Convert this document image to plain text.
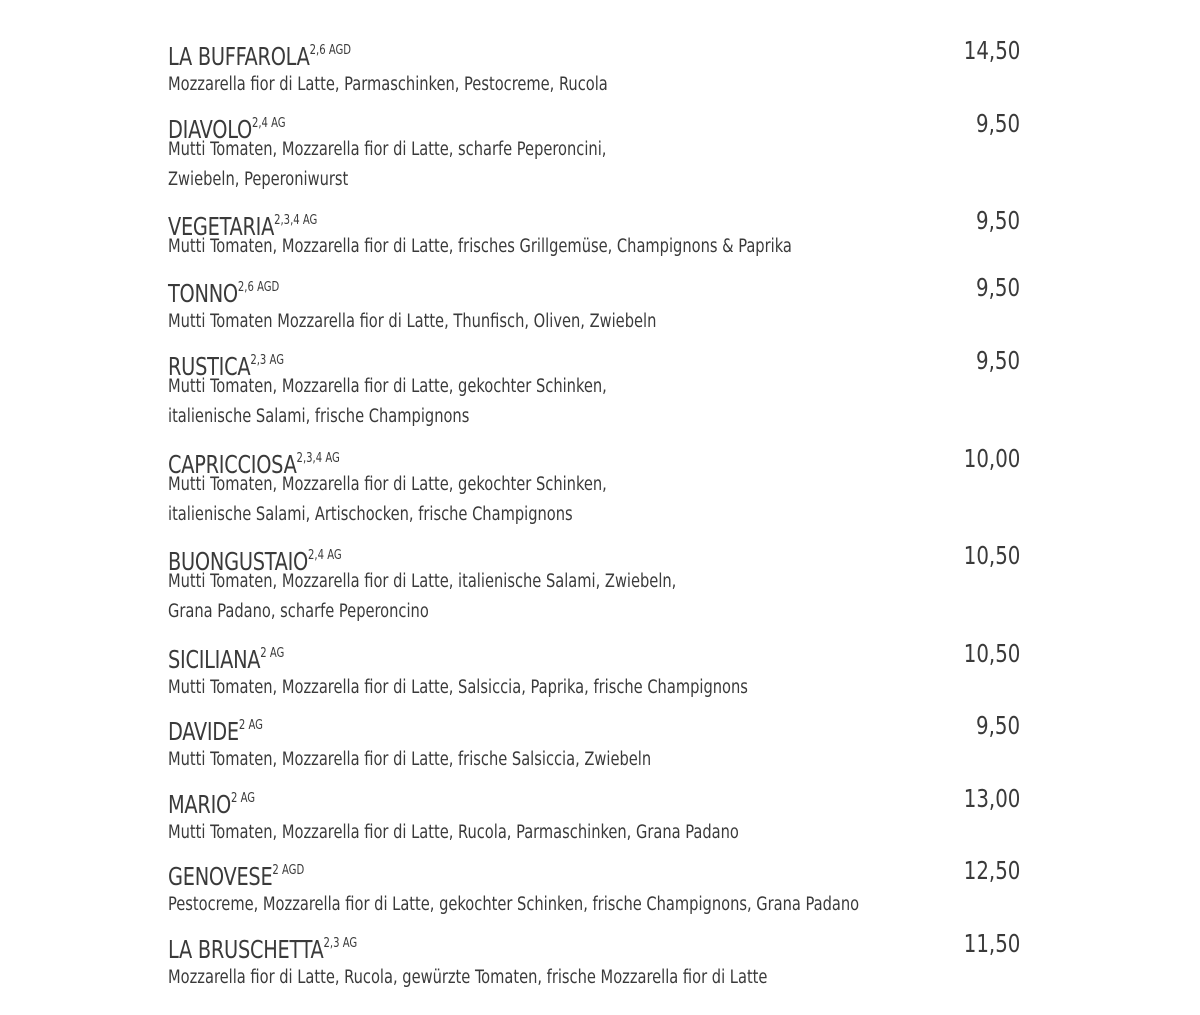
LA $BUFFAROLA^{2,6 AGD}$	14,50
Mozzarella fior di Latte, Parmaschinken, Pestocreme, Rucola
$DIAVOLO^{2,4 AG}$	9,50
Mutti Tomaten, Mozzarella fior di Latte, scharfe Peperoncini,
Zwiebeln, Peperoniwurst
$VEGETARIA^{2,3,4 AG}$	9,50
Mutti Tomaten, Mozzarella fior di Latte, frisches Grillgemüse, Champignons & Paprika
$TONNO^{2,6 AGD}$	9,50
Mutti Tomaten Mozzarella fior di Latte, Thunfisch, Oliven, Zwiebeln
$RUSTICA^{2,3 AG}$	9,50
Mutti Tomaten, Mozzarella fior di Latte, gekochter Schinken,
italienische Salami, frische Champignons
$CAPRICCIOSA^{2,3,4 AG}$	10,00
Mutti Tomaten, Mozzarella fior di Latte, gekochter Schinken,
italienische Salami, Artischocken, frische Champignons
$BUONGUSTAIO^{2,4 AG}$	10,50
Mutti Tomaten, Mozzarella fior di Latte, italienische Salami, Zwiebeln,
Grana Padano, scharfe Peperoncino
$SICILIANA^{2 AG}$	10,50
Mutti Tomaten, Mozzarella fior di Latte, Salsiccia, Paprika, frische Champignons
$DAVIDE^{2 AG}$	9,50
Mutti Tomaten, Mozzarella fior di Latte, frische Salsiccia, Zwiebeln
$MARIO^{2 AG}$	13,00
Mutti Tomaten, Mozzarella fior di Latte, Rucola, Parmaschinken, Grana Padano
$GENOVESE^{2 AGD}$	12,50
Pestocreme, Mozzarella fior di Latte, gekochter Schinken, frische Champignons, Grana Padano
LA $BRUSCHETTA^{2,3 AG}$	11,50
Mozzarella fior di Latte, Rucola, gewürzte Tomaten, frische Mozzarella fior di Latte
